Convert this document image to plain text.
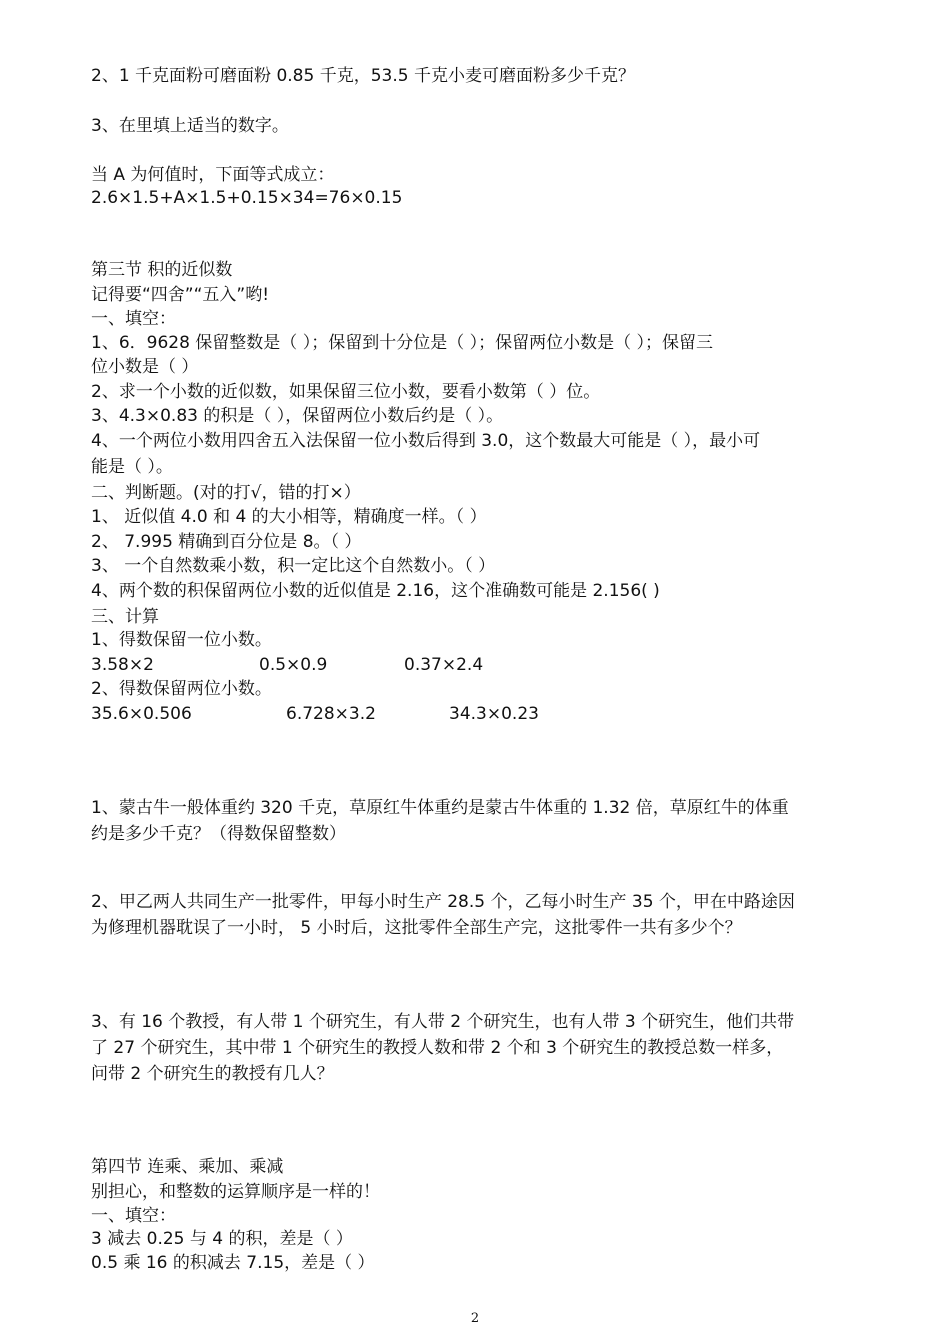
2、1 千克面粉可磨面粉 0.85 千克，53.5 千克小麦可磨面粉多少千克？
3、在里填上适当的数字。
当 A 为何值时，下面等式成立：
2.6×1.5+A×1.5+0.15×34=76×0.15
第三节 积的近似数
记得要“四舍”“五入”哟!
一、填空：
1、6．9628 保留整数是（ ）；保留到十分位是（ ）；保留两位小数是（ ）；保留三
位小数是（ ）
2、求一个小数的近似数，如果保留三位小数，要看小数第（ ）位。
3、4.3×0.83 的积是（ ），保留两位小数后约是（ ）。
4、一个两位小数用四舍五入法保留一位小数后得到 3.0，这个数最大可能是（ ），最小可
能是（ ）。
二、判断题。(对的打√，错的打×）
1、 近似值 4.0 和 4 的大小相等，精确度一样。（ ）
2、 7.995 精确到百分位是 8。（ ）
3、 一个自然数乘小数，积一定比这个自然数小。（ ）
4、两个数的积保留两位小数的近似值是 2.16，这个准确数可能是 2.156( )
三、计算
1、得数保留一位小数。
3.58×2	0.5×0.9	0.37×2.4
2、得数保留两位小数。
35.6×0.506	6.728×3.2	34.3×0.23
1、蒙古牛一般体重约 320 千克，草原红牛体重约是蒙古牛体重的 1.32 倍，草原红牛的体重
约是多少千克？（得数保留整数）
2、甲乙两人共同生产一批零件，甲每小时生产 28.5 个，乙每小时生产 35 个，甲在中路途因
为修理机器耽误了一小时， 5 小时后，这批零件全部生产完，这批零件一共有多少个？
3、有 16 个教授，有人带 1 个研究生，有人带 2 个研究生，也有人带 3 个研究生，他们共带
了 27 个研究生，其中带 1 个研究生的教授人数和带 2 个和 3 个研究生的教授总数一样多，
问带 2 个研究生的教授有几人？
第四节 连乘、乘加、乘减
别担心，和整数的运算顺序是一样的！
一、填空：
3 减去 0.25 与 4 的积，差是（ ）
0.5 乘 16 的积减去 7.15，差是（ ）
2
